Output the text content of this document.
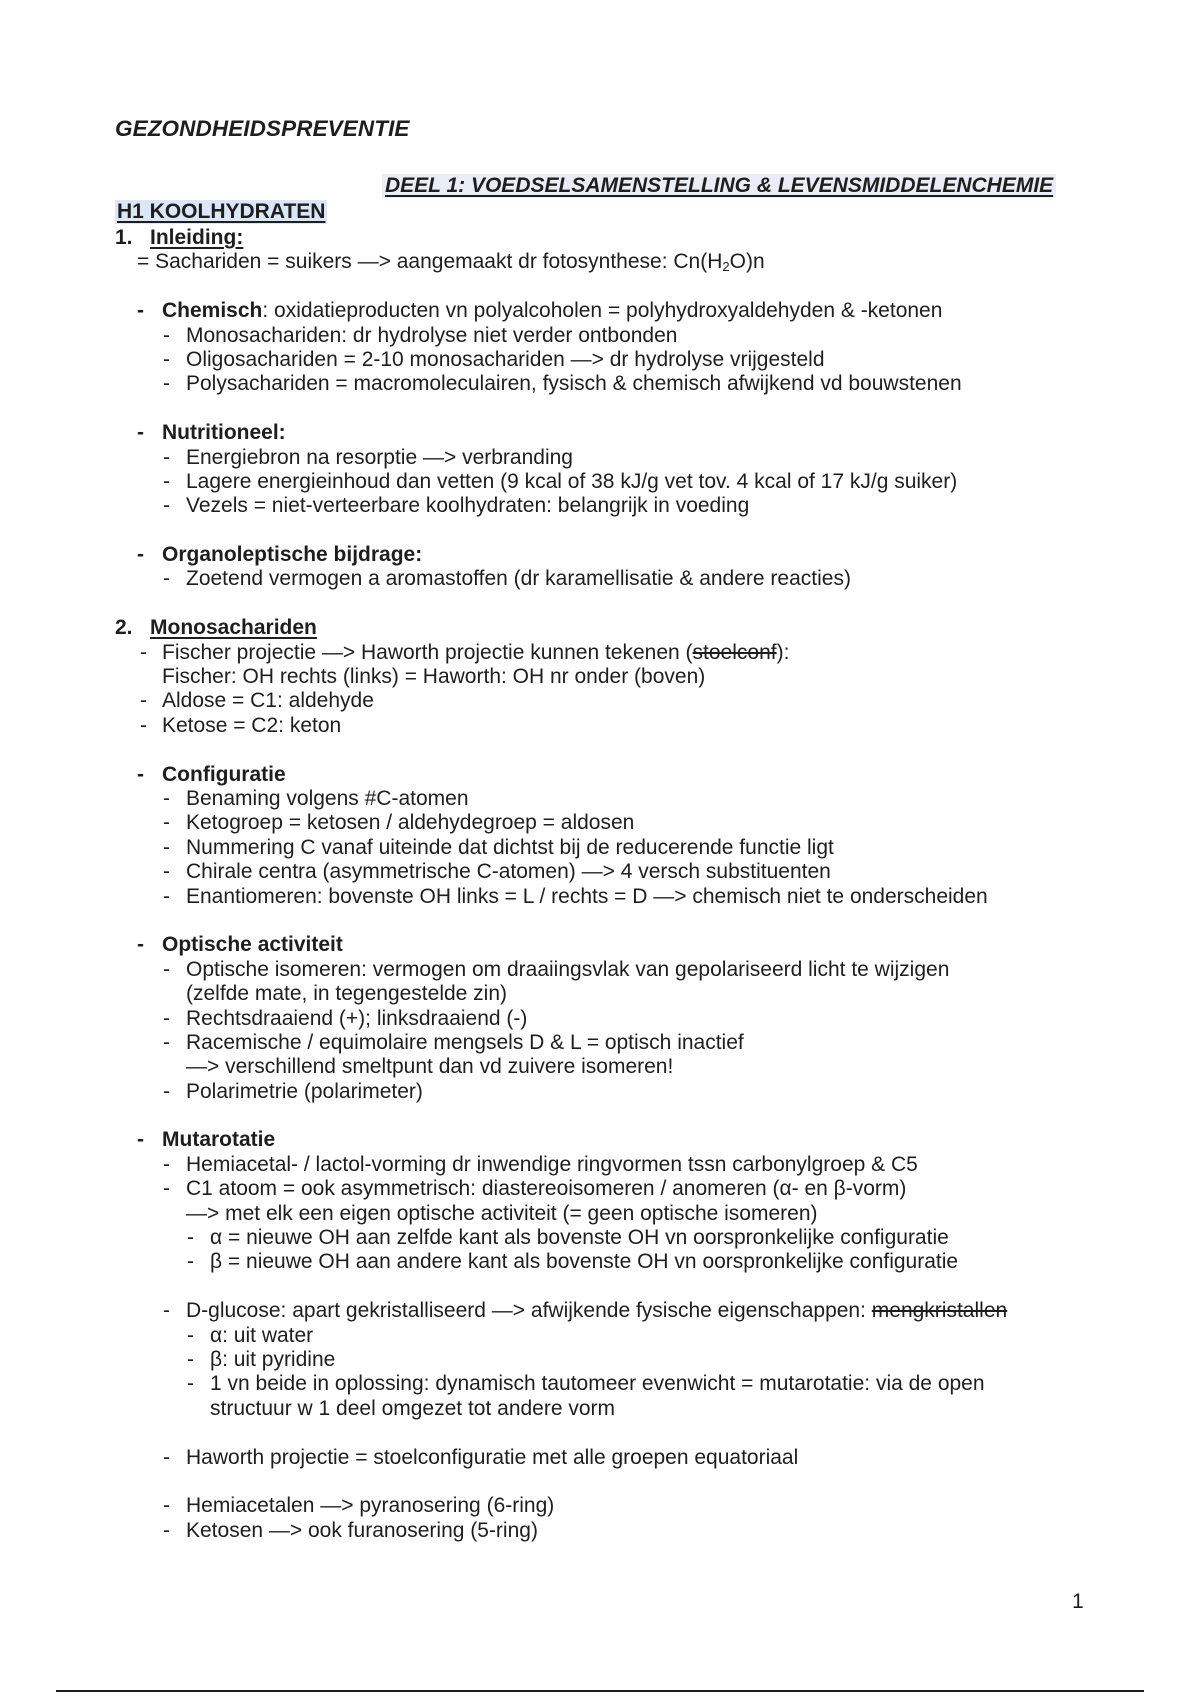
GEZONDHEIDSPREVENTIE
DEEL 1: VOEDSELSAMENSTELLING & LEVENSMIDDELENCHEMIE
H1 KOOLHYDRATEN
1. Inleiding:
= Sachariden = suikers —> aangemaakt dr fotosynthese: $Cn(H_2O)n$
- Chemisch: oxidatieproducten vn polyalcoholen = polyhydroxyaldehyden & -ketonen
- Monosachariden: dr hydrolyse niet verder ontbonden
- Oligosachariden = 2-10 monosachariden —> dr hydrolyse vrijgesteld
- Polysachariden = macromoleculairen, fysisch & chemisch afwijkend vd bouwstenen
- Nutritioneel:
- Energiebron na resorptie —> verbranding
- Lagere energieinhoud dan vetten (9 kcal of 38 kJ/g vet tov. 4 kcal of 17 kJ/g suiker)
- Vezels = niet-verteerbare koolhydraten: belangrijk in voeding
- Organoleptische bijdrage:
- Zoetend vermogen a aromastoffen (dr karamellisatie & andere reacties)
2. Monosachariden
- Fischer projectie —> Haworth projectie kunnen tekenen (stoelconf):
Fischer: OH rechts (links) = Haworth: OH nr onder (boven)
- Aldose = C1: aldehyde
- Ketose = C2: keton
- Configuratie
- Benaming volgens #C-atomen
- Ketogroep = ketosen / aldehydegroep = aldosen
- Nummering C vanaf uiteinde dat dichtst bij de reducerende functie ligt
- Chirale centra (asymmetrische C-atomen) —> 4 versch substituenten
- Enantiomeren: bovenste OH links = L / rechts = D —> chemisch niet te onderscheiden
- Optische activiteit
- Optische isomeren: vermogen om draaiingsvlak van gepolariseerd licht te wijzigen
(zelfde mate, in tegengestelde zin)
- Rechtsdraaiend (+); linksdraaiend (-)
- Racemische / equimolaire mengsels D & L = optisch inactief
—> verschillend smeltpunt dan vd zuivere isomeren!
- Polarimetrie (polarimeter)
- Mutarotatie
- Hemiacetal- / lactol-vorming dr inwendige ringvormen tssn carbonylgroep & C5
- C1 atoom = ook asymmetrisch: diastereoisomeren / anomeren (α- en β-vorm)
—> met elk een eigen optische activiteit (= geen optische isomeren)
- α = nieuwe OH aan zelfde kant als bovenste OH vn oorspronkelijke configuratie
- β = nieuwe OH aan andere kant als bovenste OH vn oorspronkelijke configuratie
- D-glucose: apart gekristalliseerd —> afwijkende fysische eigenschappen: mengkristallen
- α: uit water
- β: uit pyridine
- 1 vn beide in oplossing: dynamisch tautomeer evenwicht = mutarotatie: via de open
structuur w 1 deel omgezet tot andere vorm
- Haworth projectie = stoelconfiguratie met alle groepen equatoriaal
- Hemiacetalen —> pyranosering (6-ring)
- Ketosen —> ook furanosering (5-ring)
1
